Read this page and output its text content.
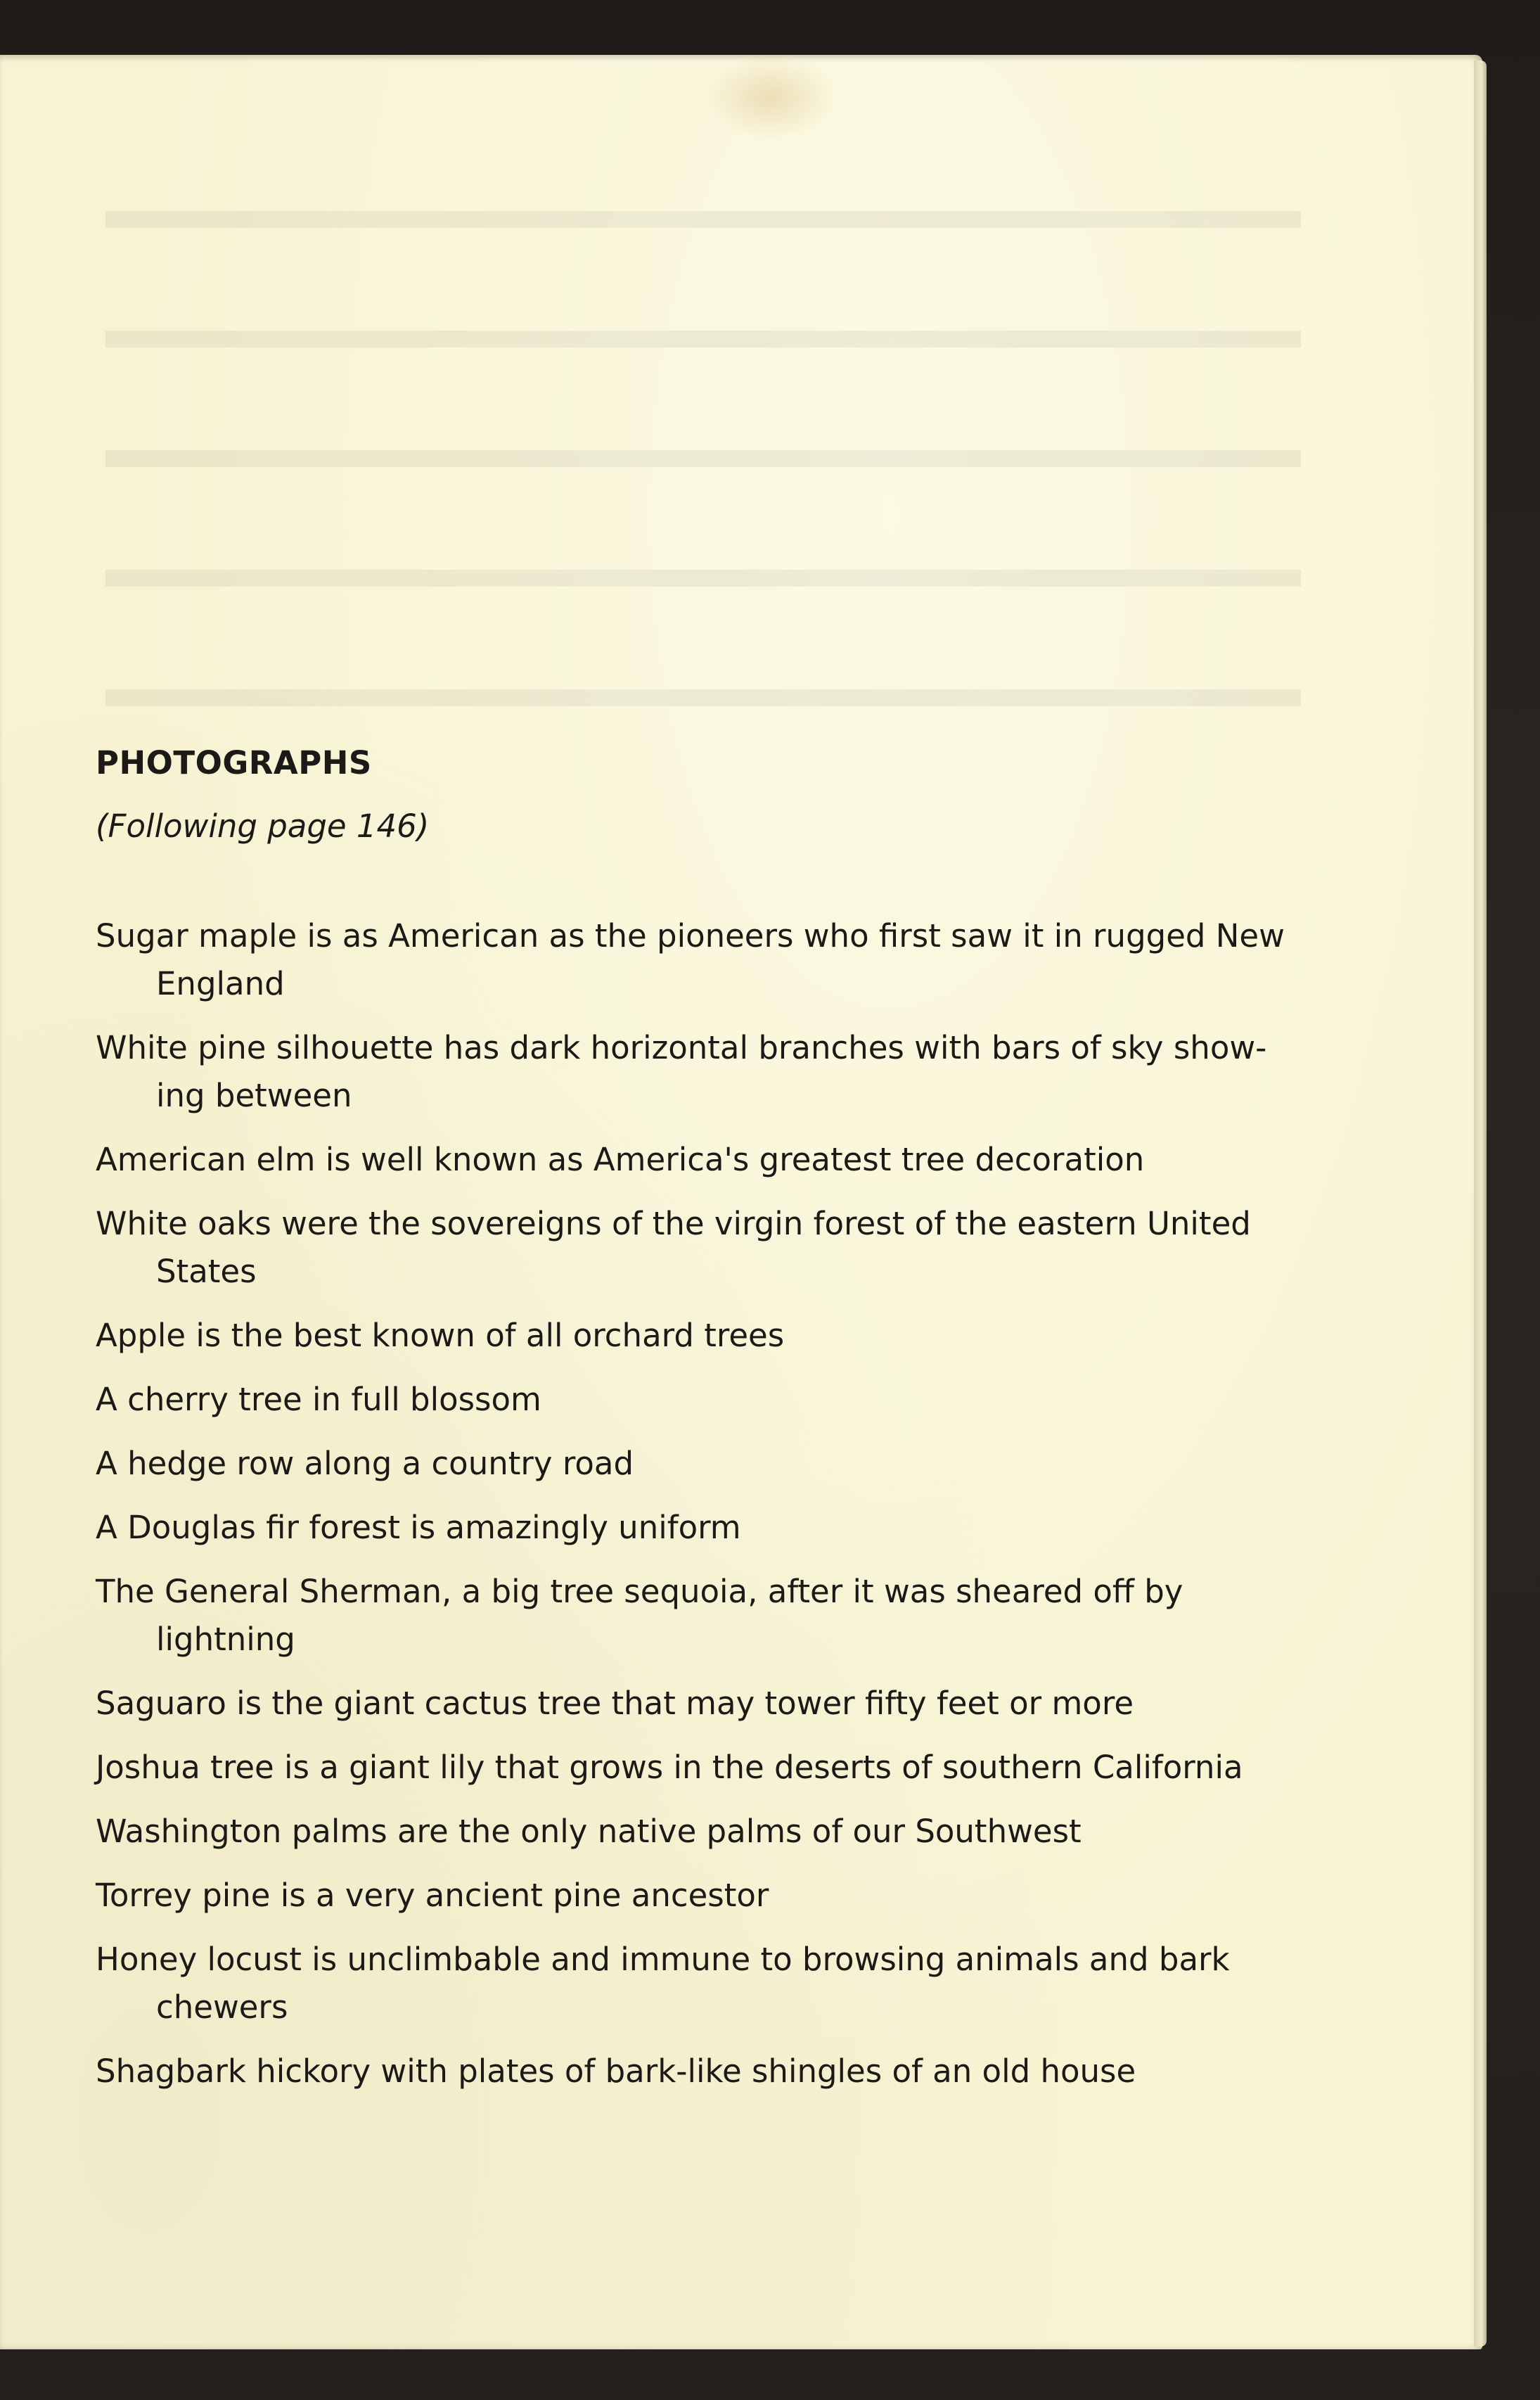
PHOTOGRAPHS
(Following page 146)
Sugar maple is as American as the pioneers who first saw it in rugged New England
White pine silhouette has dark horizontal branches with bars of sky show-ing between
American elm is well known as America's greatest tree decoration
White oaks were the sovereigns of the virgin forest of the eastern United States
Apple is the best known of all orchard trees
A cherry tree in full blossom
A hedge row along a country road
A Douglas fir forest is amazingly uniform
The General Sherman, a big tree sequoia, after it was sheared off by lightning
Saguaro is the giant cactus tree that may tower fifty feet or more
Joshua tree is a giant lily that grows in the deserts of southern California
Washington palms are the only native palms of our Southwest
Torrey pine is a very ancient pine ancestor
Honey locust is unclimbable and immune to browsing animals and bark chewers
Shagbark hickory with plates of bark-like shingles of an old house
